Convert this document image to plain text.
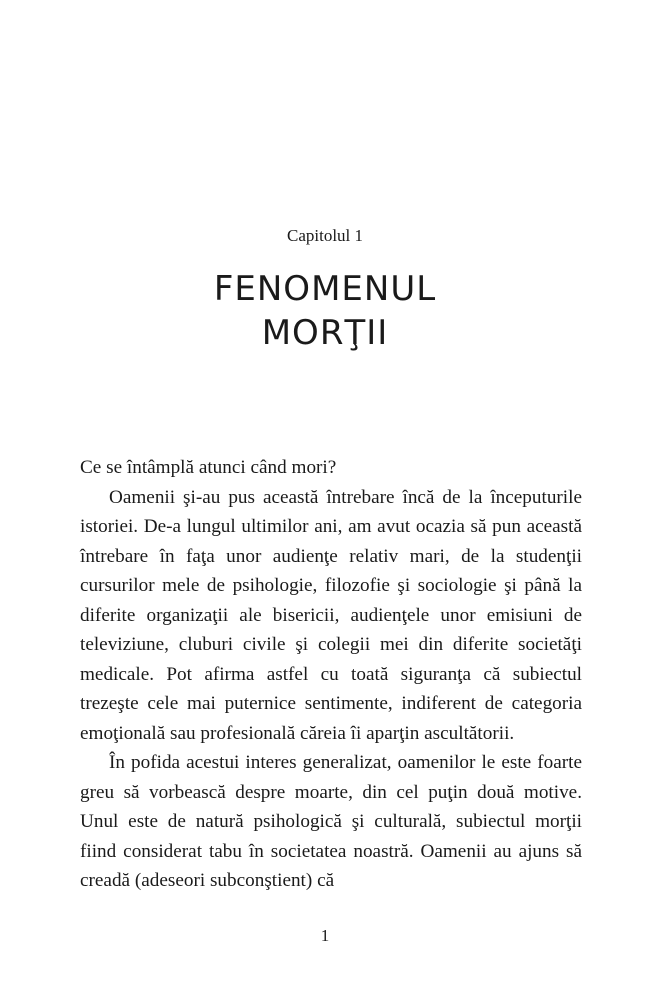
Capitolul 1
FENOMENUL
MORŢII

Ce se întâmplă atunci când mori?

Oamenii şi-au pus această întrebare încă de la începuturile istoriei. De-a lungul ultimilor ani, am avut ocazia să pun această întrebare în faţa unor audienţe relativ mari, de la studenţii cursurilor mele de psihologie, filozofie şi sociologie şi până la diferite organizaţii ale bisericii, audienţele unor emisiuni de televiziune, cluburi civile şi colegii mei din diferite societăţi medicale. Pot afirma astfel cu toată siguranţa că subiectul trezeşte cele mai puternice sentimente, indiferent de categoria emoţională sau profesională căreia îi aparţin ascultătorii.

În pofida acestui interes generalizat, oamenilor le este foarte greu să vorbească despre moarte, din cel puţin două motive. Unul este de natură psihologică şi culturală, subiectul morţii fiind considerat tabu în societatea noastră. Oamenii au ajuns să creadă (adeseori subconştient) că

1
